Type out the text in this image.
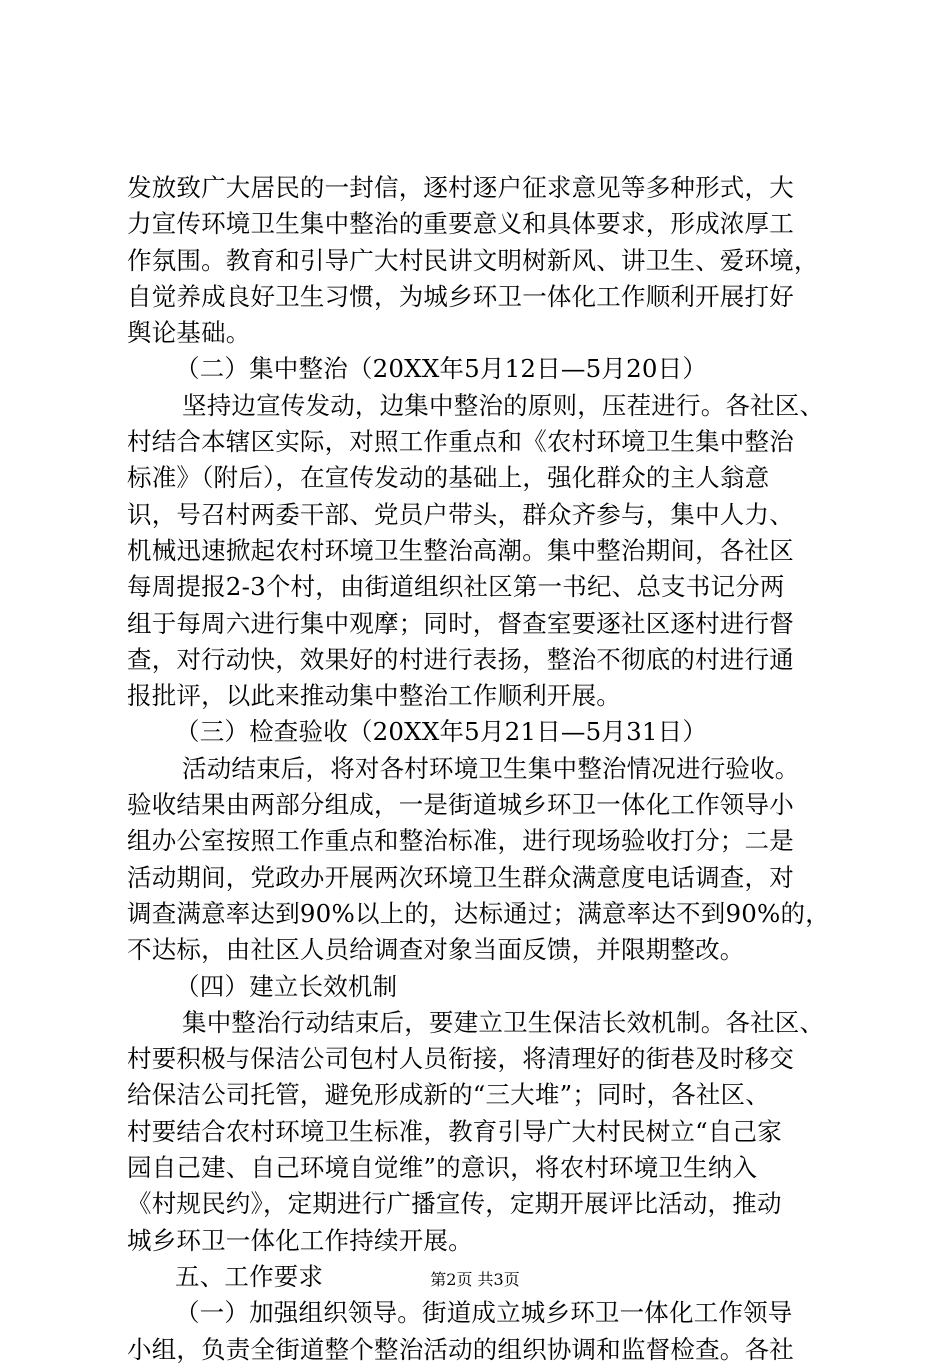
发放致广大居民的一封信，逐村逐户征求意见等多种形式，大
力宣传环境卫生集中整治的重要意义和具体要求，形成浓厚工
作氛围。教育和引导广大村民讲文明树新风、讲卫生、爱环境，
自觉养成良好卫生习惯，为城乡环卫一体化工作顺利开展打好
舆论基础。
（二）集中整治（20XX年5月12日—5月20日）
坚持边宣传发动，边集中整治的原则，压茬进行。各社区、
村结合本辖区实际，对照工作重点和《农村环境卫生集中整治
标准》（附后），在宣传发动的基础上，强化群众的主人翁意
识，号召村两委干部、党员户带头，群众齐参与，集中人力、
机械迅速掀起农村环境卫生整治高潮。集中整治期间，各社区
每周提报2-3个村，由街道组织社区第一书纪、总支书记分两
组于每周六进行集中观摩；同时，督查室要逐社区逐村进行督
查，对行动快，效果好的村进行表扬，整治不彻底的村进行通
报批评，以此来推动集中整治工作顺利开展。
（三）检查验收（20XX年5月21日—5月31日）
活动结束后，将对各村环境卫生集中整治情况进行验收。
验收结果由两部分组成，一是街道城乡环卫一体化工作领导小
组办公室按照工作重点和整治标准，进行现场验收打分；二是
活动期间，党政办开展两次环境卫生群众满意度电话调查，对
调查满意率达到90%以上的，达标通过；满意率达不到90%的，
不达标，由社区人员给调查对象当面反馈，并限期整改。
（四）建立长效机制
集中整治行动结束后，要建立卫生保洁长效机制。各社区、
村要积极与保洁公司包村人员衔接，将清理好的街巷及时移交
给保洁公司托管，避免形成新的“三大堆”；同时，各社区、
村要结合农村环境卫生标准，教育引导广大村民树立“自己家
园自己建、自己环境自觉维”的意识，将农村环境卫生纳入
《村规民约》，定期进行广播宣传，定期开展评比活动，推动
城乡环卫一体化工作持续开展。
五、工作要求
（一）加强组织领导。街道成立城乡环卫一体化工作领导
小组，负责全街道整个整治活动的组织协调和监督检查。各社
第2页 共3页
